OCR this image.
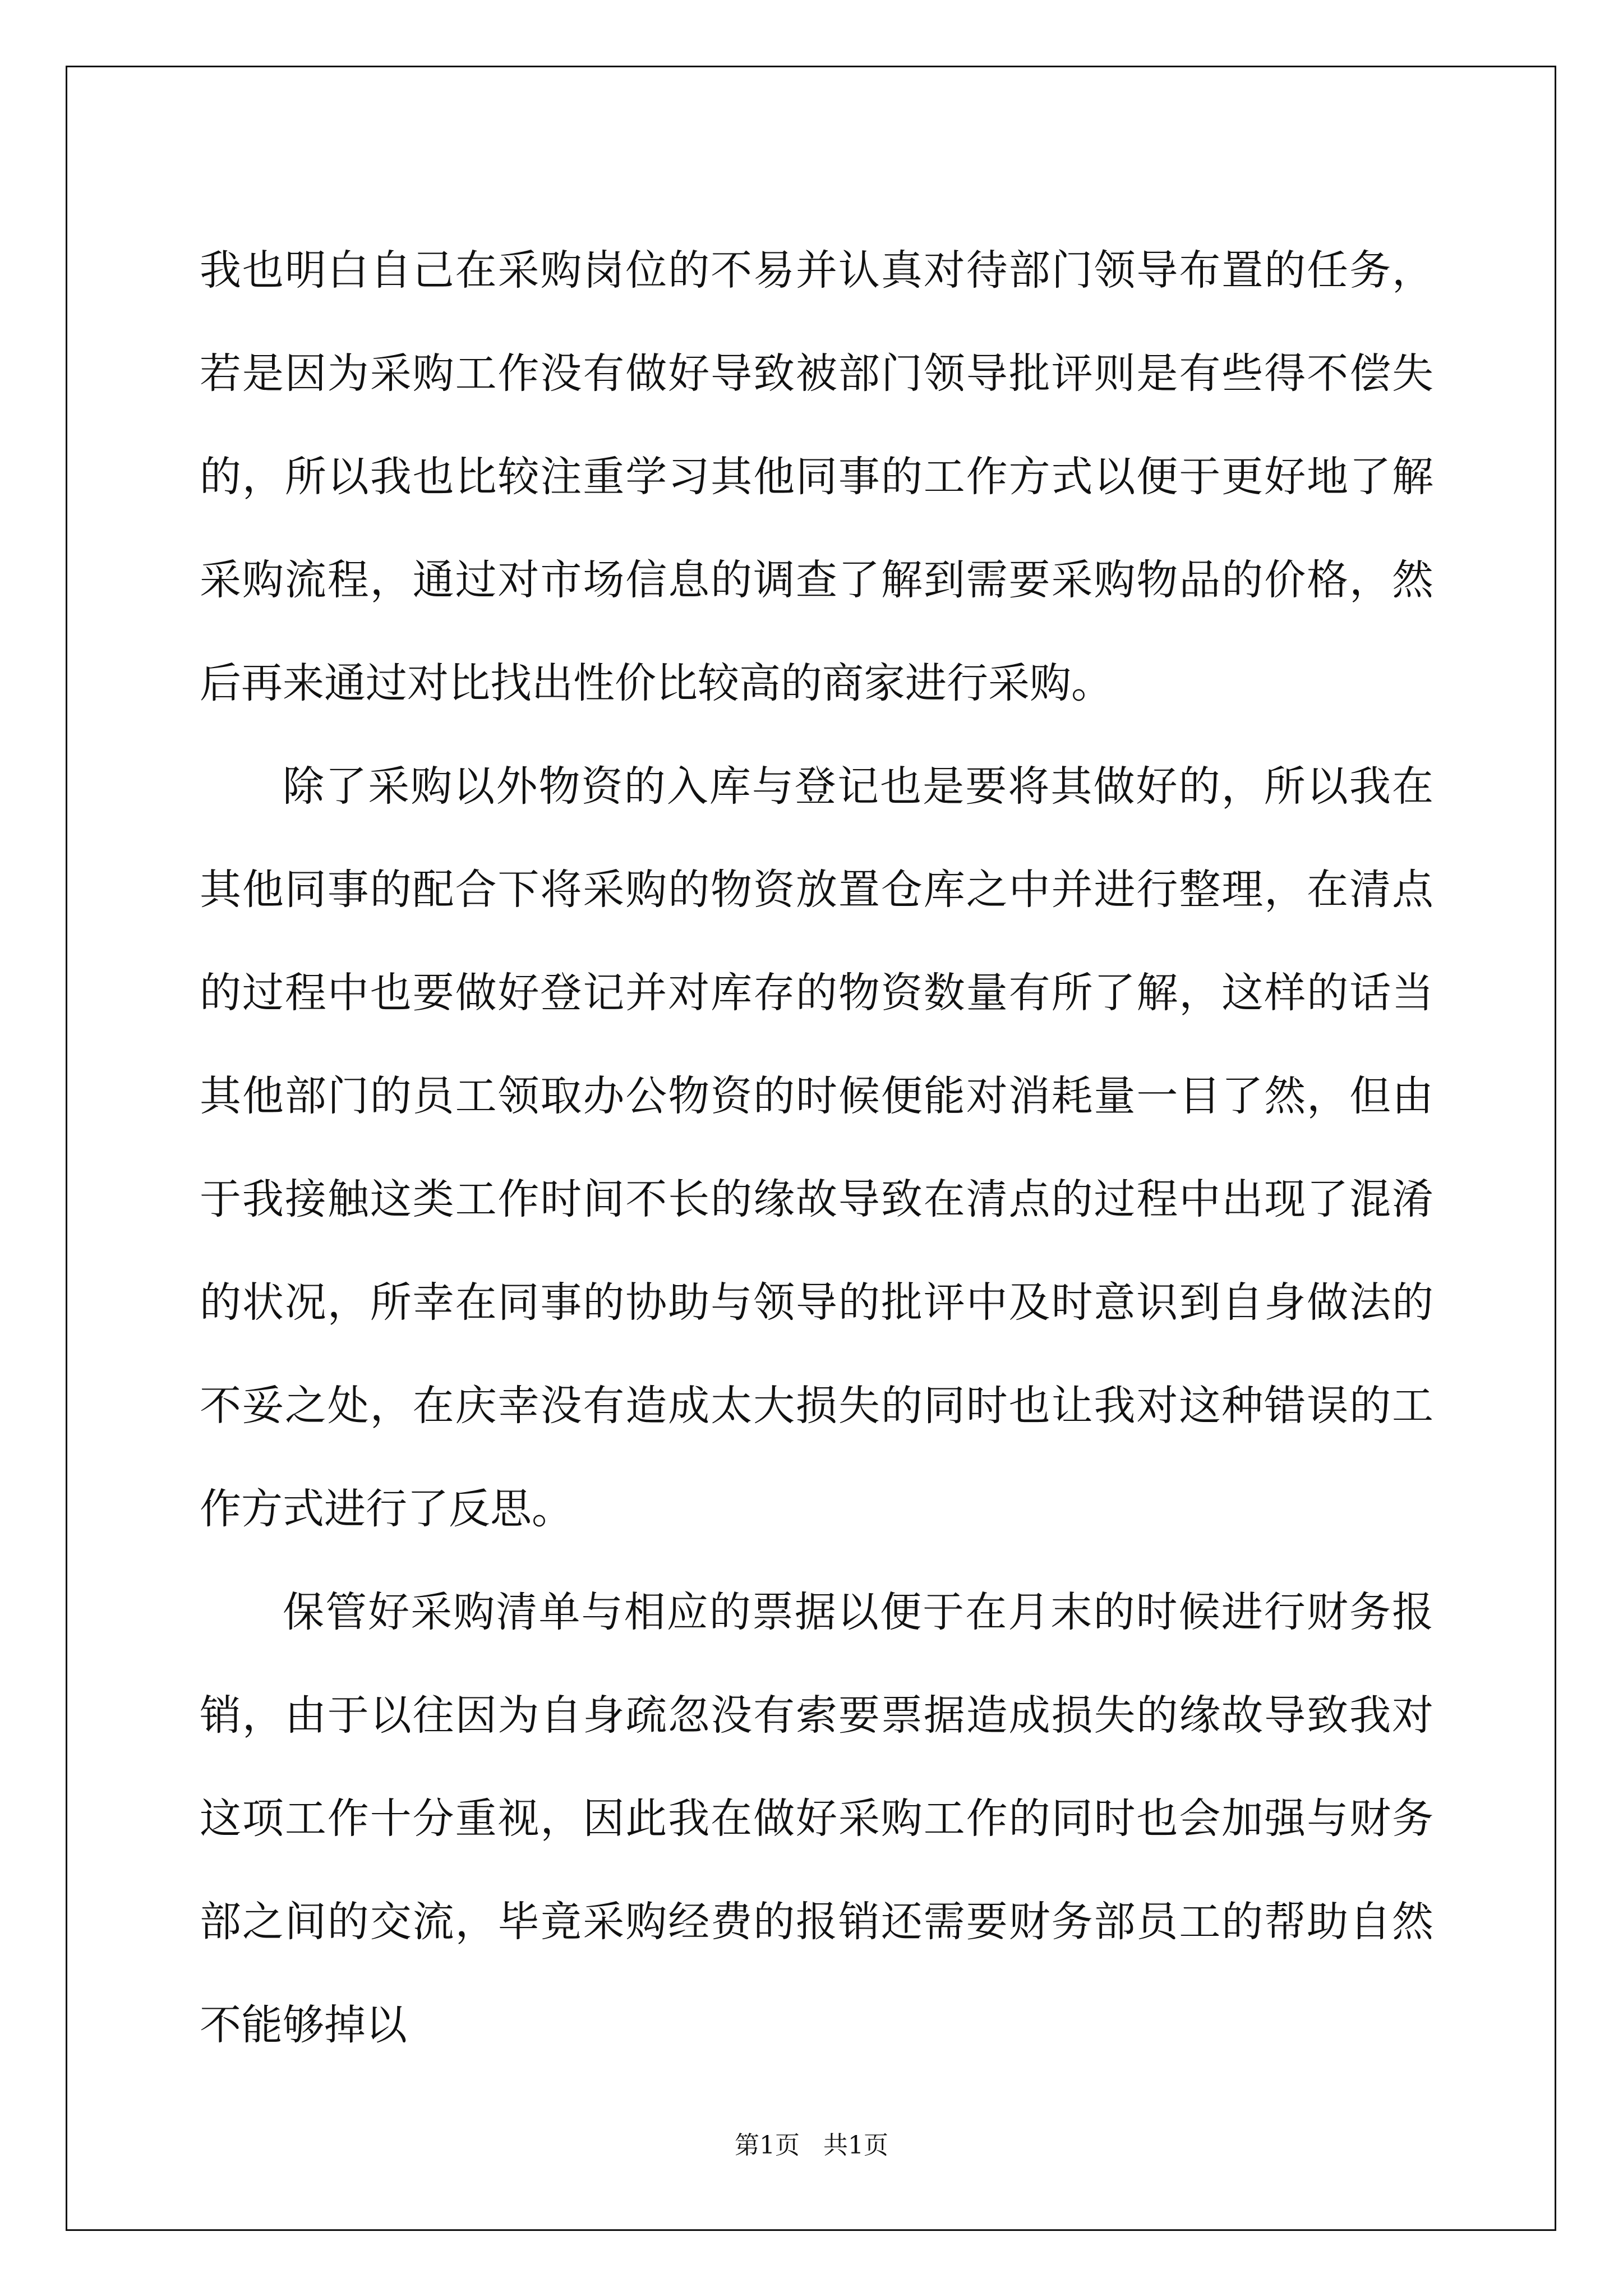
我也明白自己在采购岗位的不易并认真对待部门领导布置的任务，若是因为采购工作没有做好导致被部门领导批评则是有些得不偿失的，所以我也比较注重学习其他同事的工作方式以便于更好地了解采购流程，通过对市场信息的调查了解到需要采购物品的价格，然后再来通过对比找出性价比较高的商家进行采购。

除了采购以外物资的入库与登记也是要将其做好的，所以我在其他同事的配合下将采购的物资放置仓库之中并进行整理，在清点的过程中也要做好登记并对库存的物资数量有所了解，这样的话当其他部门的员工领取办公物资的时候便能对消耗量一目了然，但由于我接触这类工作时间不长的缘故导致在清点的过程中出现了混淆的状况，所幸在同事的协助与领导的批评中及时意识到自身做法的不妥之处，在庆幸没有造成太大损失的同时也让我对这种错误的工作方式进行了反思。

保管好采购清单与相应的票据以便于在月末的时候进行财务报销，由于以往因为自身疏忽没有索要票据造成损失的缘故导致我对这项工作十分重视，因此我在做好采购工作的同时也会加强与财务部之间的交流，毕竟采购经费的报销还需要财务部员工的帮助自然不能够掉以

第1页   共1页
